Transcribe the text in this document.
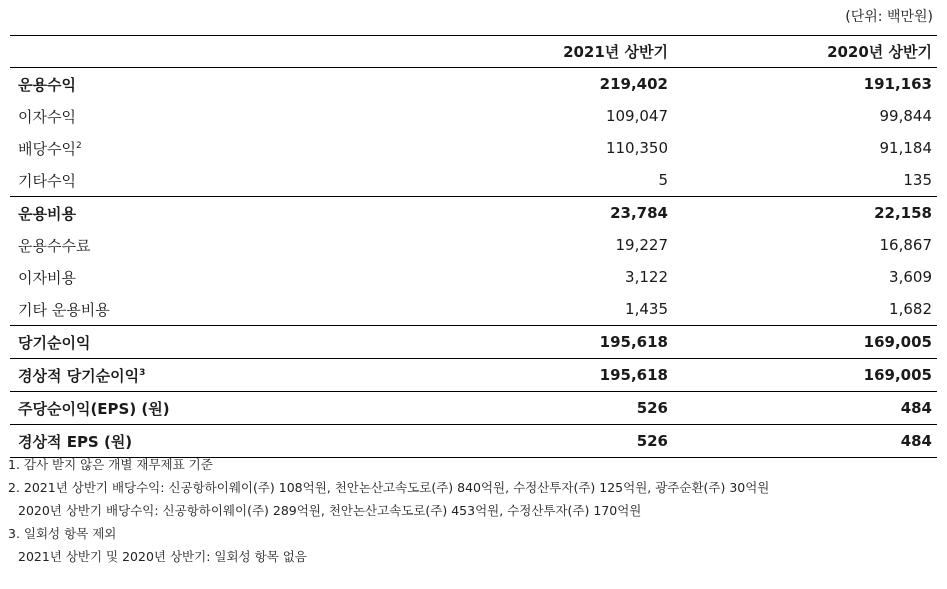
(단위: 백만원)
	2021년 상반기	2020년 상반기
운용수익	219,402	191,163
이자수익	109,047	99,844
배당수익$^2$	110,350	91,184
기타수익	5	135
운용비용	23,784	22,158
운용수수료	19,227	16,867
이자비용	3,122	3,609
기타 운용비용	1,435	1,682
당기순이익	195,618	169,005
경상적 당기순이익$^3$	195,618	169,005
주당순이익(EPS) (원)	526	484
경상적 EPS (원)	526	484
1. 감사 받지 않은 개별 재무제표 기준
2. 2021년 상반기 배당수익: 신공항하이웨이(주) 108억원, 천안논산고속도로(주) 840억원, 수정산투자(주) 125억원, 광주순환(주) 30억원
2020년 상반기 배당수익: 신공항하이웨이(주) 289억원, 천안논산고속도로(주) 453억원, 수정산투자(주) 170억원
3. 일회성 항목 제외
2021년 상반기 및 2020년 상반기: 일회성 항목 없음
